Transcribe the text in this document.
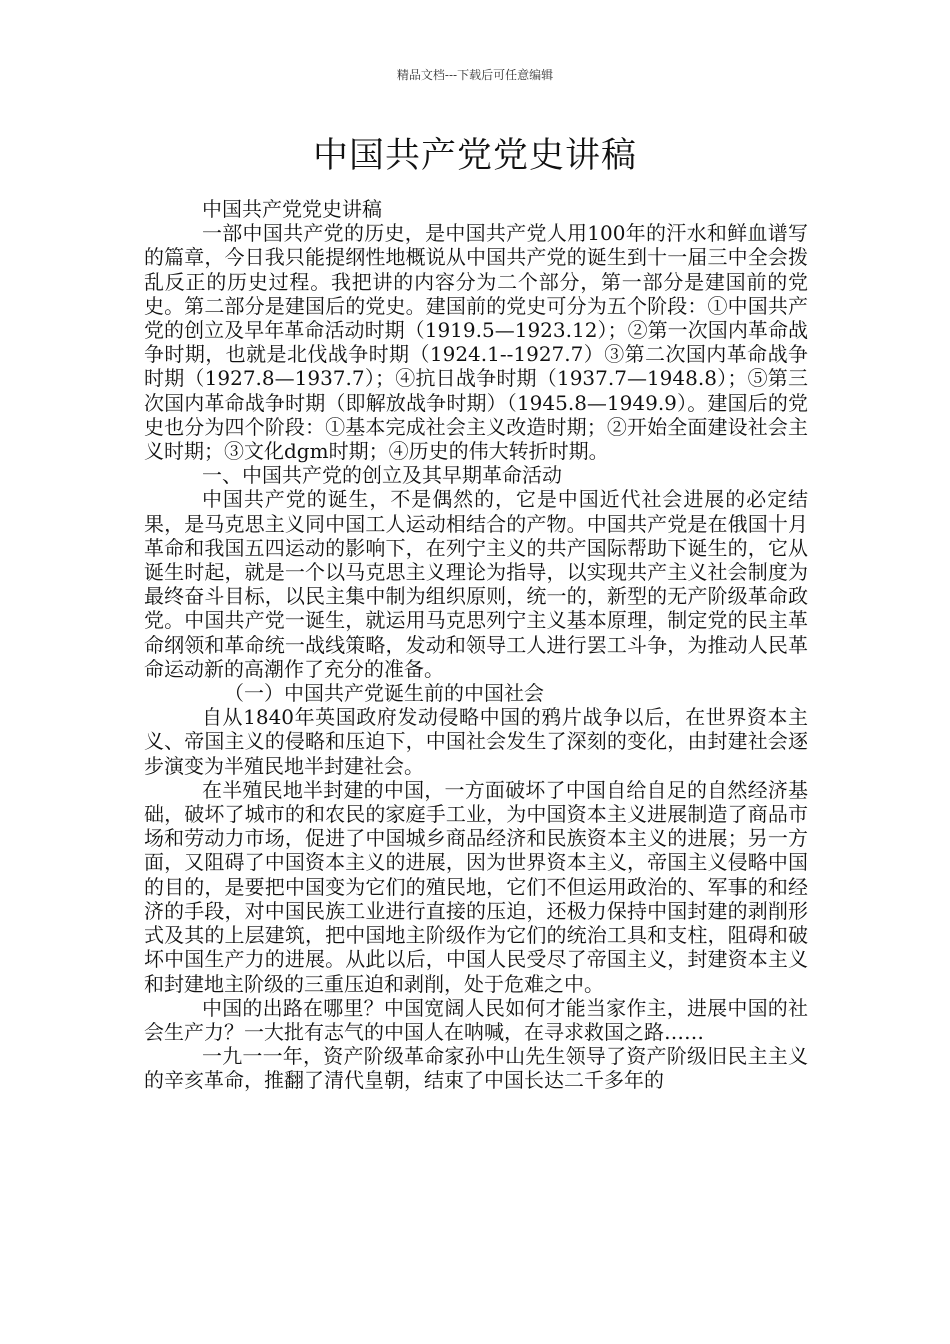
精品文档---下载后可任意编辑
中国共产党党史讲稿

中国共产党党史讲稿

一部中国共产党的历史，是中国共产党人用100年的汗水和鲜血谱写的篇章，今日我只能提纲性地概说从中国共产党的诞生到十一届三中全会拨乱反正的历史过程。我把讲的内容分为二个部分，第一部分是建国前的党史。第二部分是建国后的党史。建国前的党史可分为五个阶段：①中国共产党的创立及早年革命活动时期（1919.5—1923.12）；②第一次国内革命战争时期，也就是北伐战争时期（1924.1--1927.7）③第二次国内革命战争时期（1927.8—1937.7）；④抗日战争时期（1937.7—1948.8）；⑤第三次国内革命战争时期（即解放战争时期）（1945.8—1949.9）。建国后的党史也分为四个阶段：①基本完成社会主义改造时期；②开始全面建设社会主义时期；③文化dgm时期；④历史的伟大转折时期。

一、中国共产党的创立及其早期革命活动

中国共产党的诞生，不是偶然的，它是中国近代社会进展的必定结果，是马克思主义同中国工人运动相结合的产物。中国共产党是在俄国十月革命和我国五四运动的影响下，在列宁主义的共产国际帮助下诞生的，它从诞生时起，就是一个以马克思主义理论为指导，以实现共产主义社会制度为最终奋斗目标，以民主集中制为组织原则，统一的，新型的无产阶级革命政党。中国共产党一诞生，就运用马克思列宁主义基本原理，制定党的民主革命纲领和革命统一战线策略，发动和领导工人进行罢工斗争，为推动人民革命运动新的高潮作了充分的准备。

（一）中国共产党诞生前的中国社会

自从1840年英国政府发动侵略中国的鸦片战争以后，在世界资本主义、帝国主义的侵略和压迫下，中国社会发生了深刻的变化，由封建社会逐步演变为半殖民地半封建社会。

在半殖民地半封建的中国，一方面破坏了中国自给自足的自然经济基础，破坏了城市的和农民的家庭手工业，为中国资本主义进展制造了商品市场和劳动力市场，促进了中国城乡商品经济和民族资本主义的进展；另一方面，又阻碍了中国资本主义的进展，因为世界资本主义，帝国主义侵略中国的目的，是要把中国变为它们的殖民地，它们不但运用政治的、军事的和经济的手段，对中国民族工业进行直接的压迫，还极力保持中国封建的剥削形式及其的上层建筑，把中国地主阶级作为它们的统治工具和支柱，阻碍和破坏中国生产力的进展。从此以后，中国人民受尽了帝国主义，封建资本主义和封建地主阶级的三重压迫和剥削，处于危难之中。

中国的出路在哪里？中国宽阔人民如何才能当家作主，进展中国的社会生产力？一大批有志气的中国人在呐喊，在寻求救国之路……

一九一一年，资产阶级革命家孙中山先生领导了资产阶级旧民主主义的辛亥革命，推翻了清代皇朝，结束了中国长达二千多年的
